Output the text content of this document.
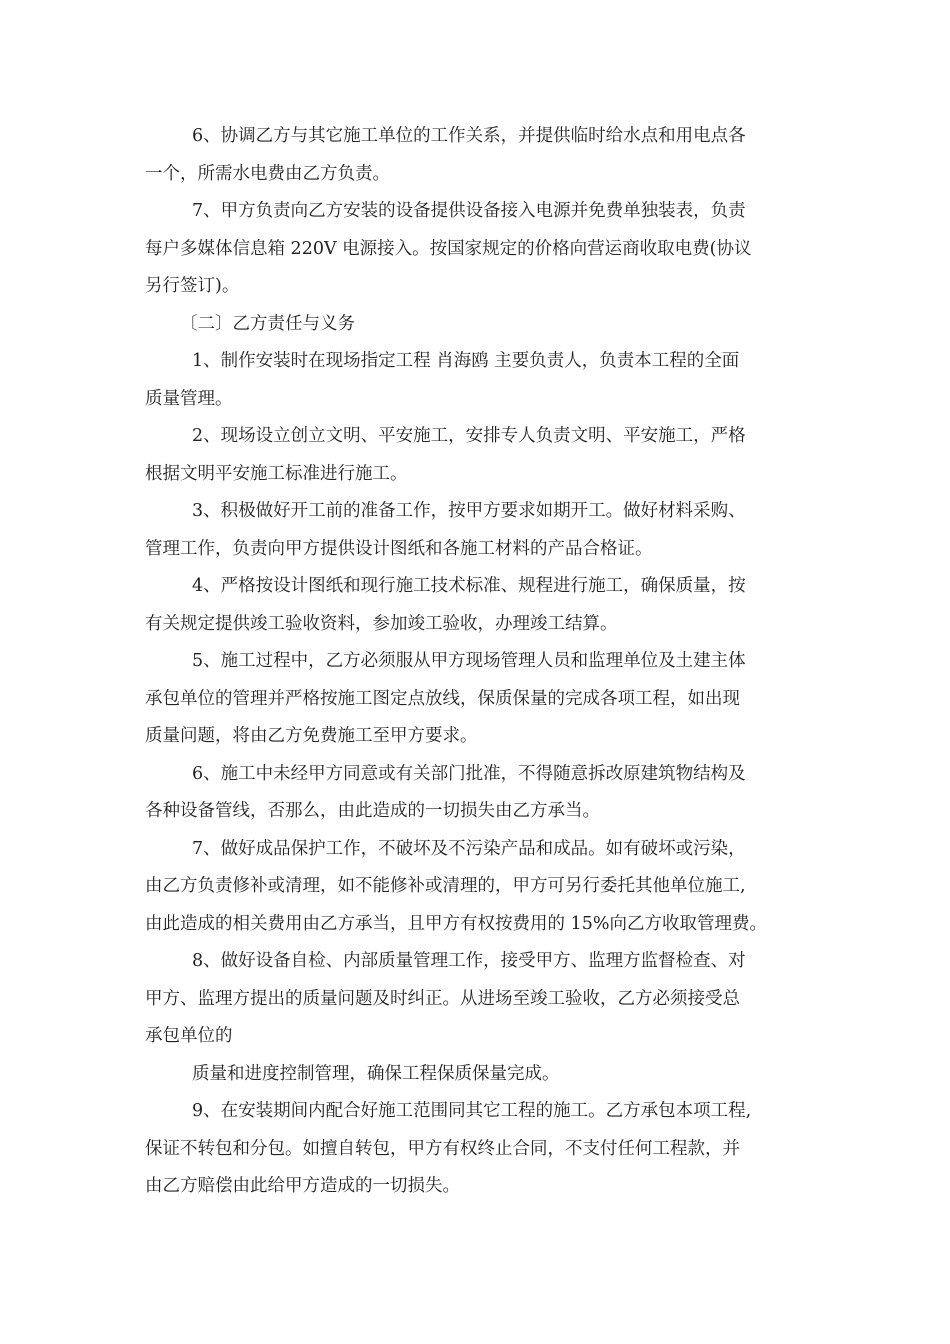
6、协调乙方与其它施工单位的工作关系，并提供临时给水点和用电点各
一个，所需水电费由乙方负责。
7、甲方负责向乙方安装的设备提供设备接入电源并免费单独装表，负责
每户多媒体信息箱 220V 电源接入。按国家规定的价格向营运商收取电费(协议
另行签订)。
〔二〕乙方责任与义务
1、制作安装时在现场指定工程 肖海鸥 主要负责人，负责本工程的全面
质量管理。
2、现场设立创立文明、平安施工，安排专人负责文明、平安施工，严格
根据文明平安施工标准进行施工。
3、积极做好开工前的准备工作，按甲方要求如期开工。做好材料采购、
管理工作，负责向甲方提供设计图纸和各施工材料的产品合格证。
4、严格按设计图纸和现行施工技术标准、规程进行施工，确保质量，按
有关规定提供竣工验收资料，参加竣工验收，办理竣工结算。
5、施工过程中，乙方必须服从甲方现场管理人员和监理单位及土建主体
承包单位的管理并严格按施工图定点放线，保质保量的完成各项工程，如出现
质量问题，将由乙方免费施工至甲方要求。
6、施工中未经甲方同意或有关部门批准，不得随意拆改原建筑物结构及
各种设备管线，否那么，由此造成的一切损失由乙方承当。
7、做好成品保护工作，不破坏及不污染产品和成品。如有破坏或污染，
由乙方负责修补或清理，如不能修补或清理的，甲方可另行委托其他单位施工,
由此造成的相关费用由乙方承当，且甲方有权按费用的 15%向乙方收取管理费。
8、做好设备自检、内部质量管理工作，接受甲方、监理方监督检查、对
甲方、监理方提出的质量问题及时纠正。从进场至竣工验收，乙方必须接受总
承包单位的
质量和进度控制管理，确保工程保质保量完成。
9、在安装期间内配合好施工范围同其它工程的施工。乙方承包本项工程,
保证不转包和分包。如擅自转包，甲方有权终止合同，不支付任何工程款，并
由乙方赔偿由此给甲方造成的一切损失。
